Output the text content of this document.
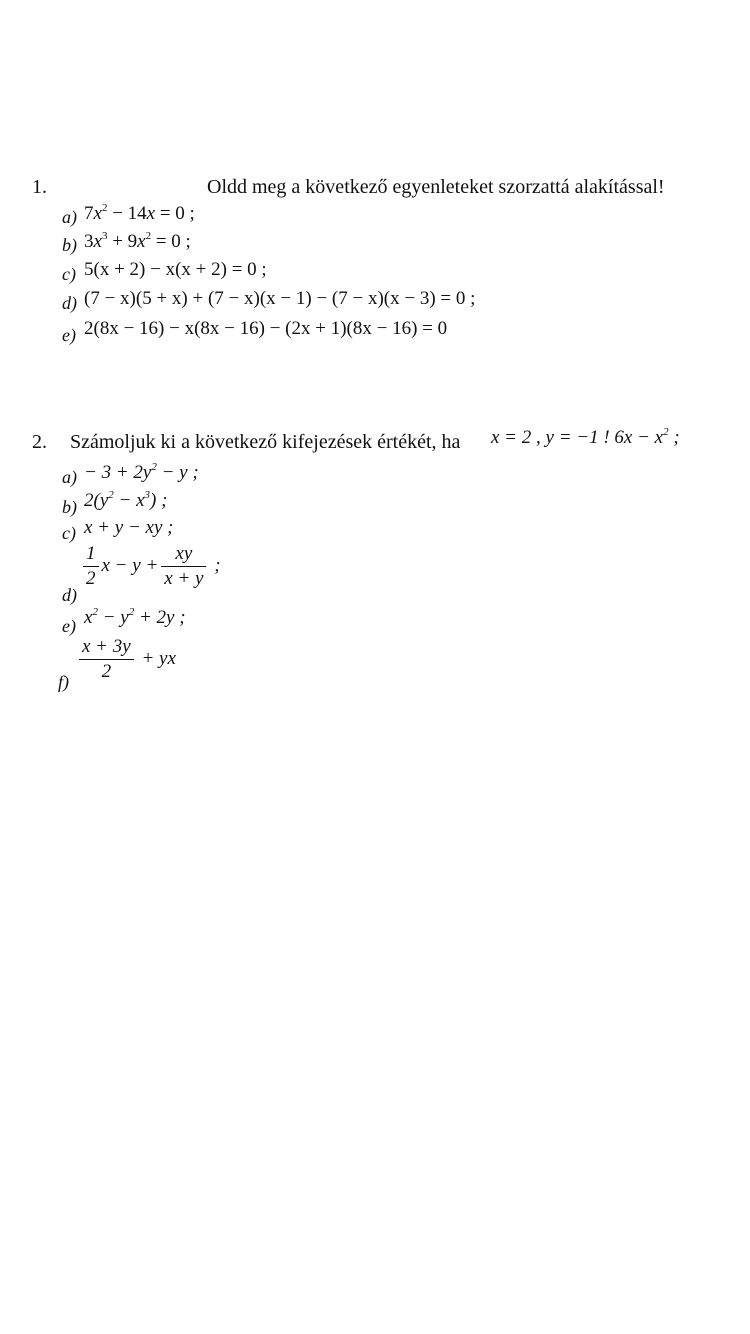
1.	Oldd meg a következő egyenleteket szorzattá alakítással!
a) $7x^2 - 14x = 0$ ;
b) $3x^3 + 9x^2 = 0$ ;
c) 5(x + 2) − x(x + 2) = 0 ;
d) (7 − x)(5 + x) + (7 − x)(x − 1) − (7 − x)(x − 3) = 0 ;
e) 2(8x − 16) − x(8x − 16) − (2x + 1)(8x − 16) = 0
2. Számoljuk ki a következő kifejezések értékét, ha x = 2 , y = −1 ! $6x - x^2$ ;
$a) - 3 + 2y^2 - y$ ;
b) $2(y^2 - x^3)$ ;
c) x + y − xy ;
d)
$\frac{1}{2}$ $x - y + \frac{xy}{x + y}$ ;
e) $x^2 - y^2 + 2y$ ;
$f) \frac{x + 3y}{2}$ + yx
